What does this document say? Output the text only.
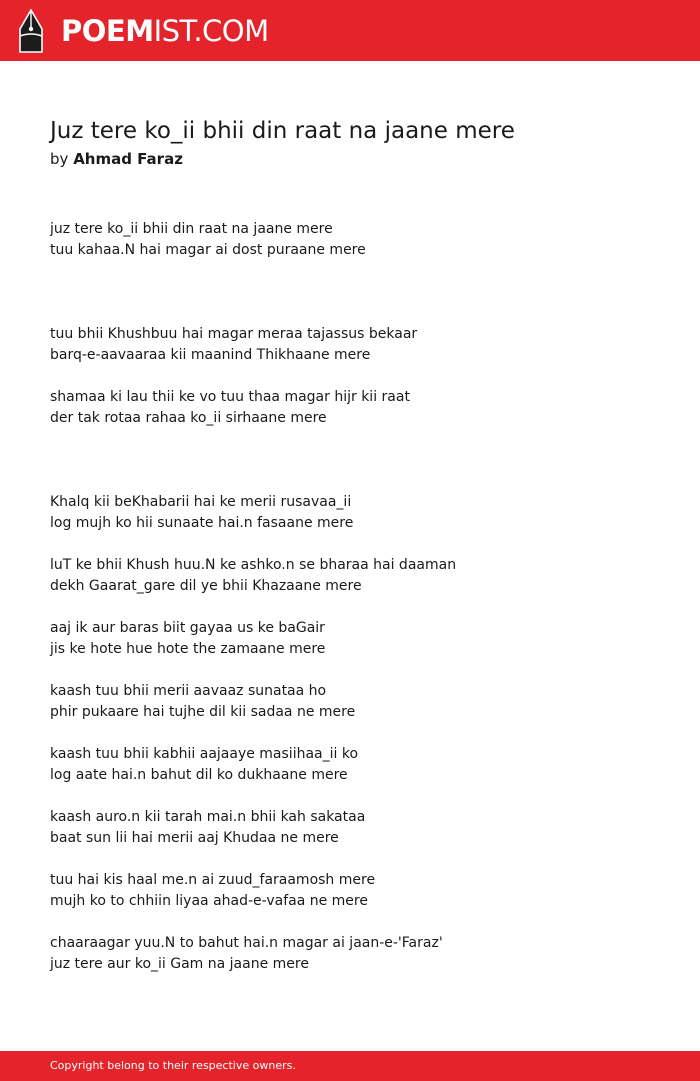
POEMIST.COM
Juz tere ko_ii bhii din raat na jaane mere
by Ahmad Faraz
juz tere ko_ii bhii din raat na jaane mere
tuu kahaa.N hai magar ai dost puraane mere
tuu bhii Khushbuu hai magar meraa tajassus bekaar
barq-e-aavaaraa kii maanind Thikhaane mere
shamaa ki lau thii ke vo tuu thaa magar hijr kii raat
der tak rotaa rahaa ko_ii sirhaane mere
Khalq kii beKhabarii hai ke merii rusavaa_ii
log mujh ko hii sunaate hai.n fasaane mere
luT ke bhii Khush huu.N ke ashko.n se bharaa hai daaman
dekh Gaarat_gare dil ye bhii Khazaane mere
aaj ik aur baras biit gayaa us ke baGair
jis ke hote hue hote the zamaane mere
kaash tuu bhii merii aavaaz sunataa ho
phir pukaare hai tujhe dil kii sadaa ne mere
kaash tuu bhii kabhii aajaaye masiihaa_ii ko
log aate hai.n bahut dil ko dukhaane mere
kaash auro.n kii tarah mai.n bhii kah sakataa
baat sun lii hai merii aaj Khudaa ne mere
tuu hai kis haal me.n ai zuud_faraamosh mere
mujh ko to chhiin liyaa ahad-e-vafaa ne mere
chaaraagar yuu.N to bahut hai.n magar ai jaan-e-'Faraz'
juz tere aur ko_ii Gam na jaane mere
Copyright belong to their respective owners.
